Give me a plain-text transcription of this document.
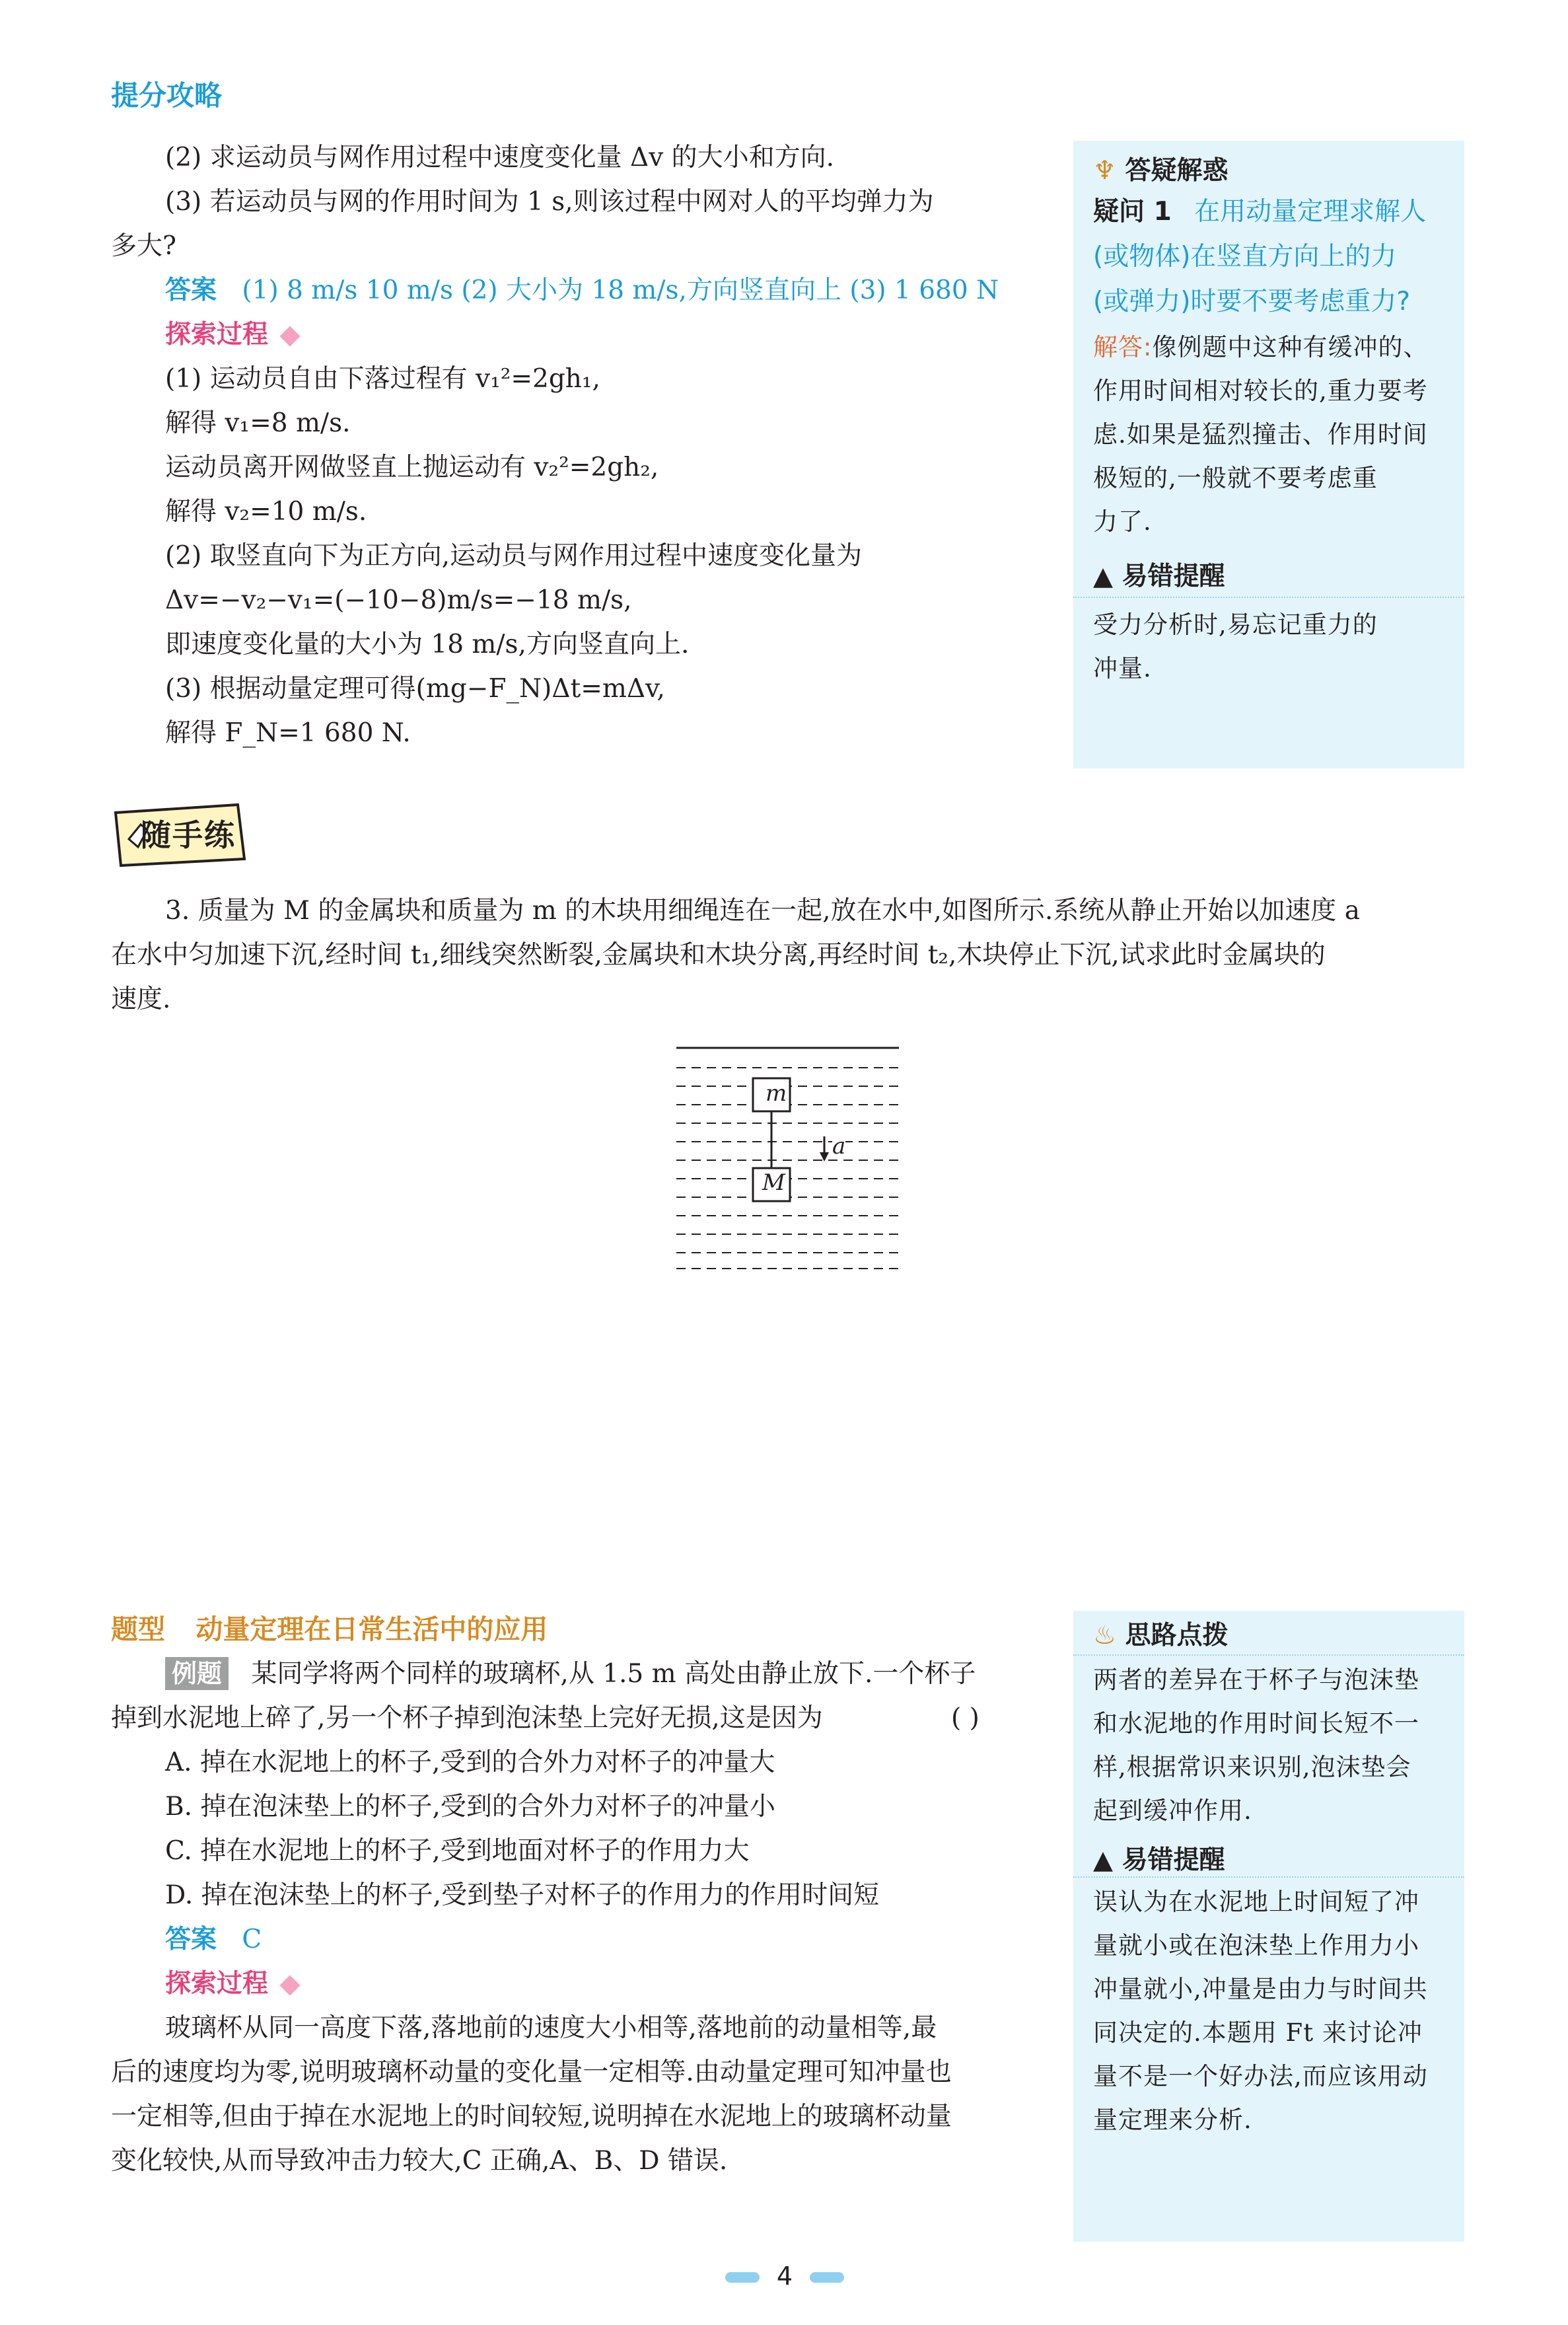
提分攻略
(2) 求运动员与网作用过程中速度变化量 Δv 的大小和方向.
(3) 若运动员与网的作用时间为 1 s,则该过程中网对人的平均弹力为
多大?
答案 (1) 8 m/s 10 m/s (2) 大小为 18 m/s,方向竖直向上 (3) 1 680 N
探索过程
(1) 运动员自由下落过程有 v₁²=2gh₁,
解得 v₁=8 m/s.
运动员离开网做竖直上抛运动有 v₂²=2gh₂,
解得 v₂=10 m/s.
(2) 取竖直向下为正方向,运动员与网作用过程中速度变化量为
Δv=−v₂−v₁=(−10−8)m/s=−18 m/s,
即速度变化量的大小为 18 m/s,方向竖直向上.
(3) 根据动量定理可得(mg−F_N)Δt=mΔv,
解得 F_N=1 680 N.
♆ 答疑解惑
疑问 1 在用动量定理求解人
(或物体)在竖直方向上的力
(或弹力)时要不要考虑重力?
解答:像例题中这种有缓冲的、
作用时间相对较长的,重力要考
虑.如果是猛烈撞击、作用时间
极短的,一般就不要考虑重
力了.
▲ 易错提醒
受力分析时,易忘记重力的
冲量.
随手练
3. 质量为 M 的金属块和质量为 m 的木块用细绳连在一起,放在水中,如图所示.系统从静止开始以加速度 a
在水中匀加速下沉,经时间 t₁,细线突然断裂,金属块和木块分离,再经时间 t₂,木块停止下沉,试求此时金属块的
速度.
m
M
a
题型 动量定理在日常生活中的应用
例题 某同学将两个同样的玻璃杯,从 1.5 m 高处由静止放下.一个杯子
掉到水泥地上碎了,另一个杯子掉到泡沫垫上完好无损,这是因为	( )
A. 掉在水泥地上的杯子,受到的合外力对杯子的冲量大
B. 掉在泡沫垫上的杯子,受到的合外力对杯子的冲量小
C. 掉在水泥地上的杯子,受到地面对杯子的作用力大
D. 掉在泡沫垫上的杯子,受到垫子对杯子的作用力的作用时间短
答案 C
探索过程
玻璃杯从同一高度下落,落地前的速度大小相等,落地前的动量相等,最
后的速度均为零,说明玻璃杯动量的变化量一定相等.由动量定理可知冲量也
一定相等,但由于掉在水泥地上的时间较短,说明掉在水泥地上的玻璃杯动量
变化较快,从而导致冲击力较大,C 正确,A、B、D 错误.
♨ 思路点拨
两者的差异在于杯子与泡沫垫
和水泥地的作用时间长短不一
样,根据常识来识别,泡沫垫会
起到缓冲作用.
▲ 易错提醒
误认为在水泥地上时间短了冲
量就小或在泡沫垫上作用力小
冲量就小,冲量是由力与时间共
同决定的.本题用 Ft 来讨论冲
量不是一个好办法,而应该用动
量定理来分析.
4
